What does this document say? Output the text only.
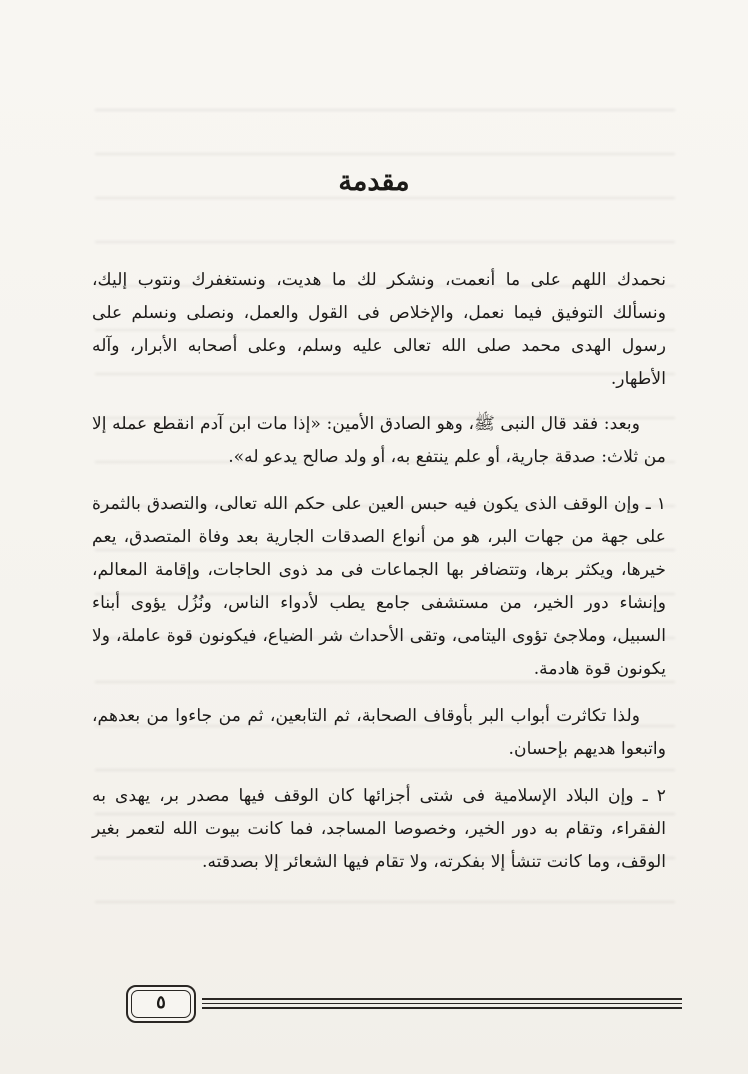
مقدمة

نحمدك اللهم على ما أنعمت، ونشكر لك ما هديت، ونستغفرك ونتوب إليك، ونسألك التوفيق فيما نعمل، والإخلاص فى القول والعمل، ونصلى ونسلم على رسول الهدى محمد صلى الله تعالى عليه وسلم، وعلى أصحابه الأبرار، وآله الأطهار.

وبعد: فقد قال النبى ﷺ، وهو الصادق الأمين: «إذا مات ابن آدم انقطع عمله إلا من ثلاث: صدقة جارية، أو علم ينتفع به، أو ولد صالح يدعو له».

١ ـ وإن الوقف الذى يكون فيه حبس العين على حكم الله تعالى، والتصدق بالثمرة على جهة من جهات البر، هو من أنواع الصدقات الجارية بعد وفاة المتصدق، يعم خيرها، ويكثر برها، وتتضافر بها الجماعات فى مد ذوى الحاجات، وإقامة المعالم، وإنشاء دور الخير، من مستشفى جامع يطب لأدواء الناس، ونُزُل يؤوى أبناء السبيل، وملاجئ تؤوى اليتامى، وتقى الأحداث شر الضياع، فيكونون قوة عاملة، ولا يكونون قوة هادمة.

ولذا تكاثرت أبواب البر بأوقاف الصحابة، ثم التابعين، ثم من جاءوا من بعدهم، واتبعوا هديهم بإحسان.

٢ ـ وإن البلاد الإسلامية فى شتى أجزائها كان الوقف فيها مصدر بر، يهدى به الفقراء، وتقام به دور الخير، وخصوصا المساجد، فما كانت بيوت الله لتعمر بغير الوقف، وما كانت تنشأ إلا بفكرته، ولا تقام فيها الشعائر إلا بصدقته.

٥
